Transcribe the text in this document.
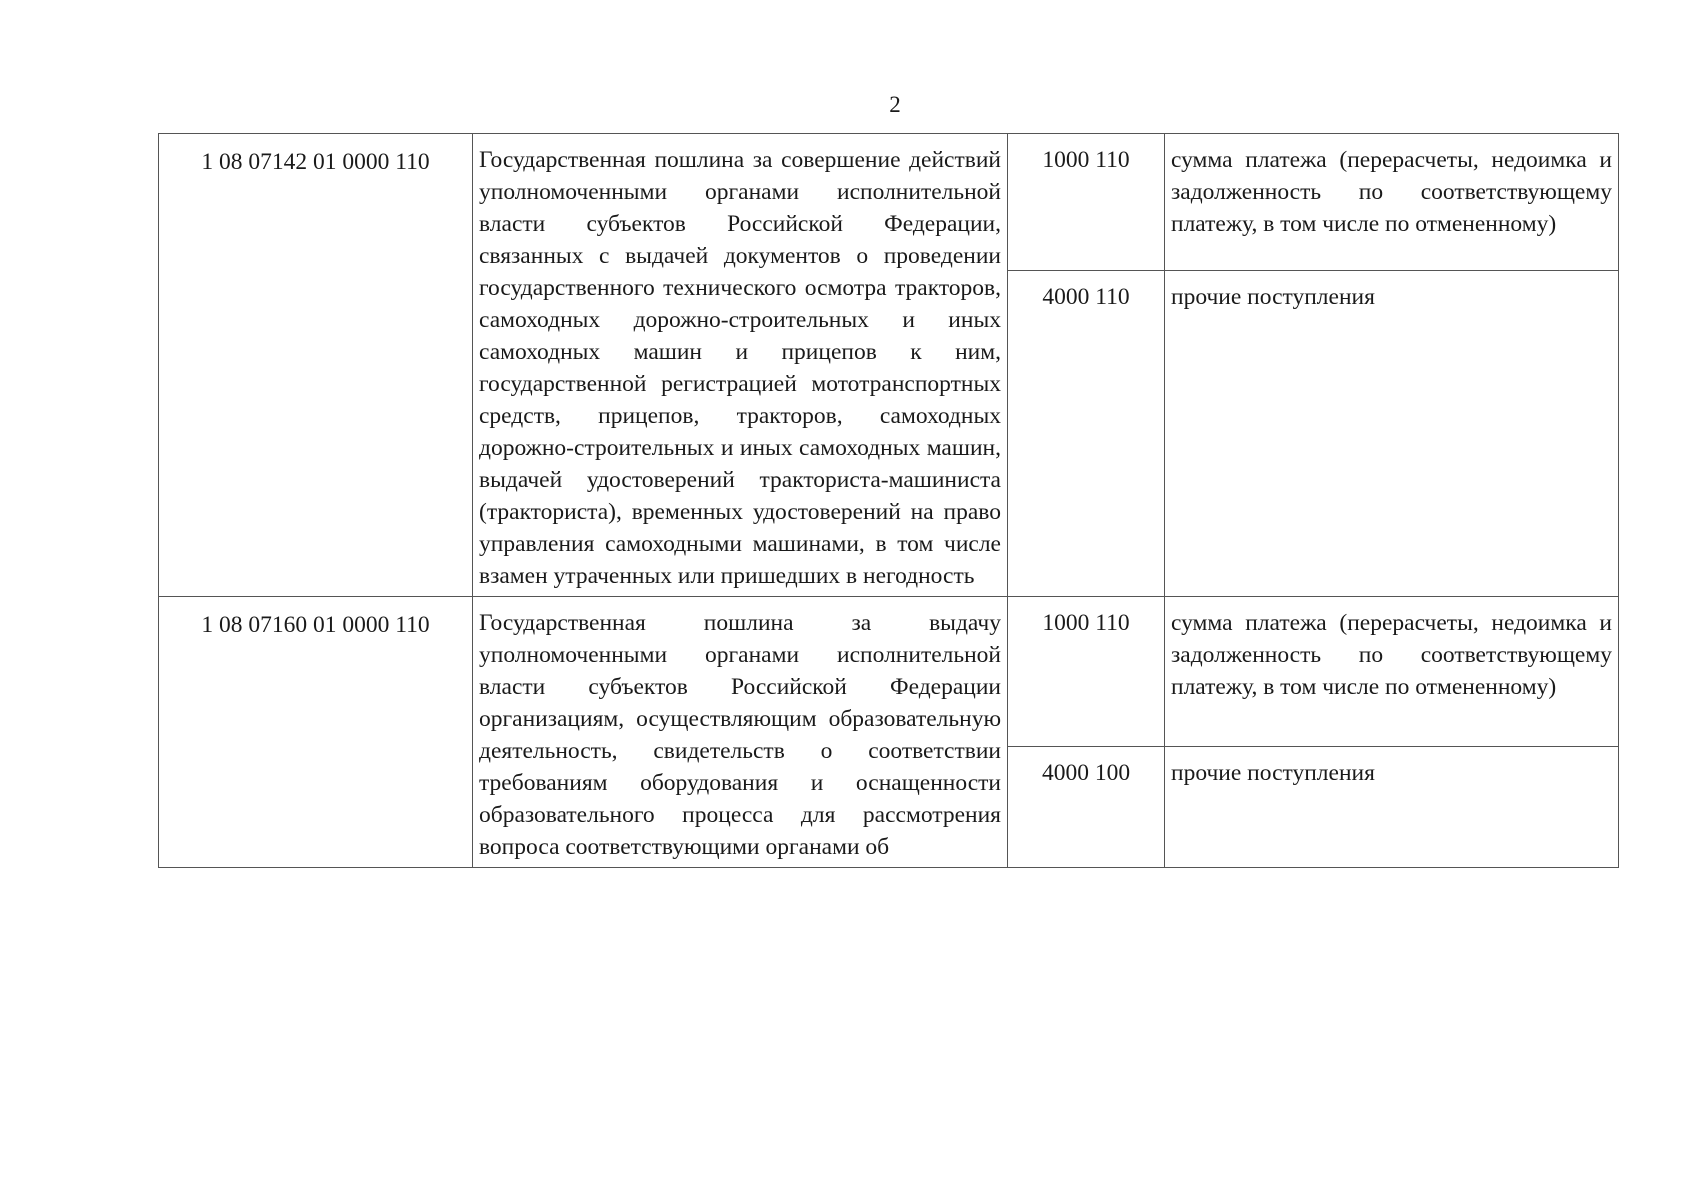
2
1 08 07142 01 0000 110	Государственная пошлина за совершение действий уполномоченными органами исполнительной власти субъектов Российской Федерации, связанных с выдачей документов о проведении государственного технического осмотра тракторов, самоходных дорожно-строительных и иных самоходных машин и прицепов к ним, государственной регистрацией мототранспортных средств, прицепов, тракторов, самоходных дорожно-строительных и иных самоходных машин, выдачей удостоверений тракториста-машиниста (тракториста), временных удостоверений на право управления самоходными машинами, в том числе взамен утраченных или пришедших в негодность	1000 110	сумма платежа (перерасчеты, недоимка и задолженность по соответствующему платежу, в том числе по отмененному)
		4000 110	прочие поступления
1 08 07160 01 0000 110	Государственная пошлина за выдачу уполномоченными органами исполнительной власти субъектов Российской Федерации организациям, осуществляющим образовательную деятельность, свидетельств о соответствии требованиям оборудования и оснащенности образовательного процесса для рассмотрения вопроса соответствующими органами об	1000 110	сумма платежа (перерасчеты, недоимка и задолженность по соответствующему платежу, в том числе по отмененному)
		4000 100	прочие поступления
